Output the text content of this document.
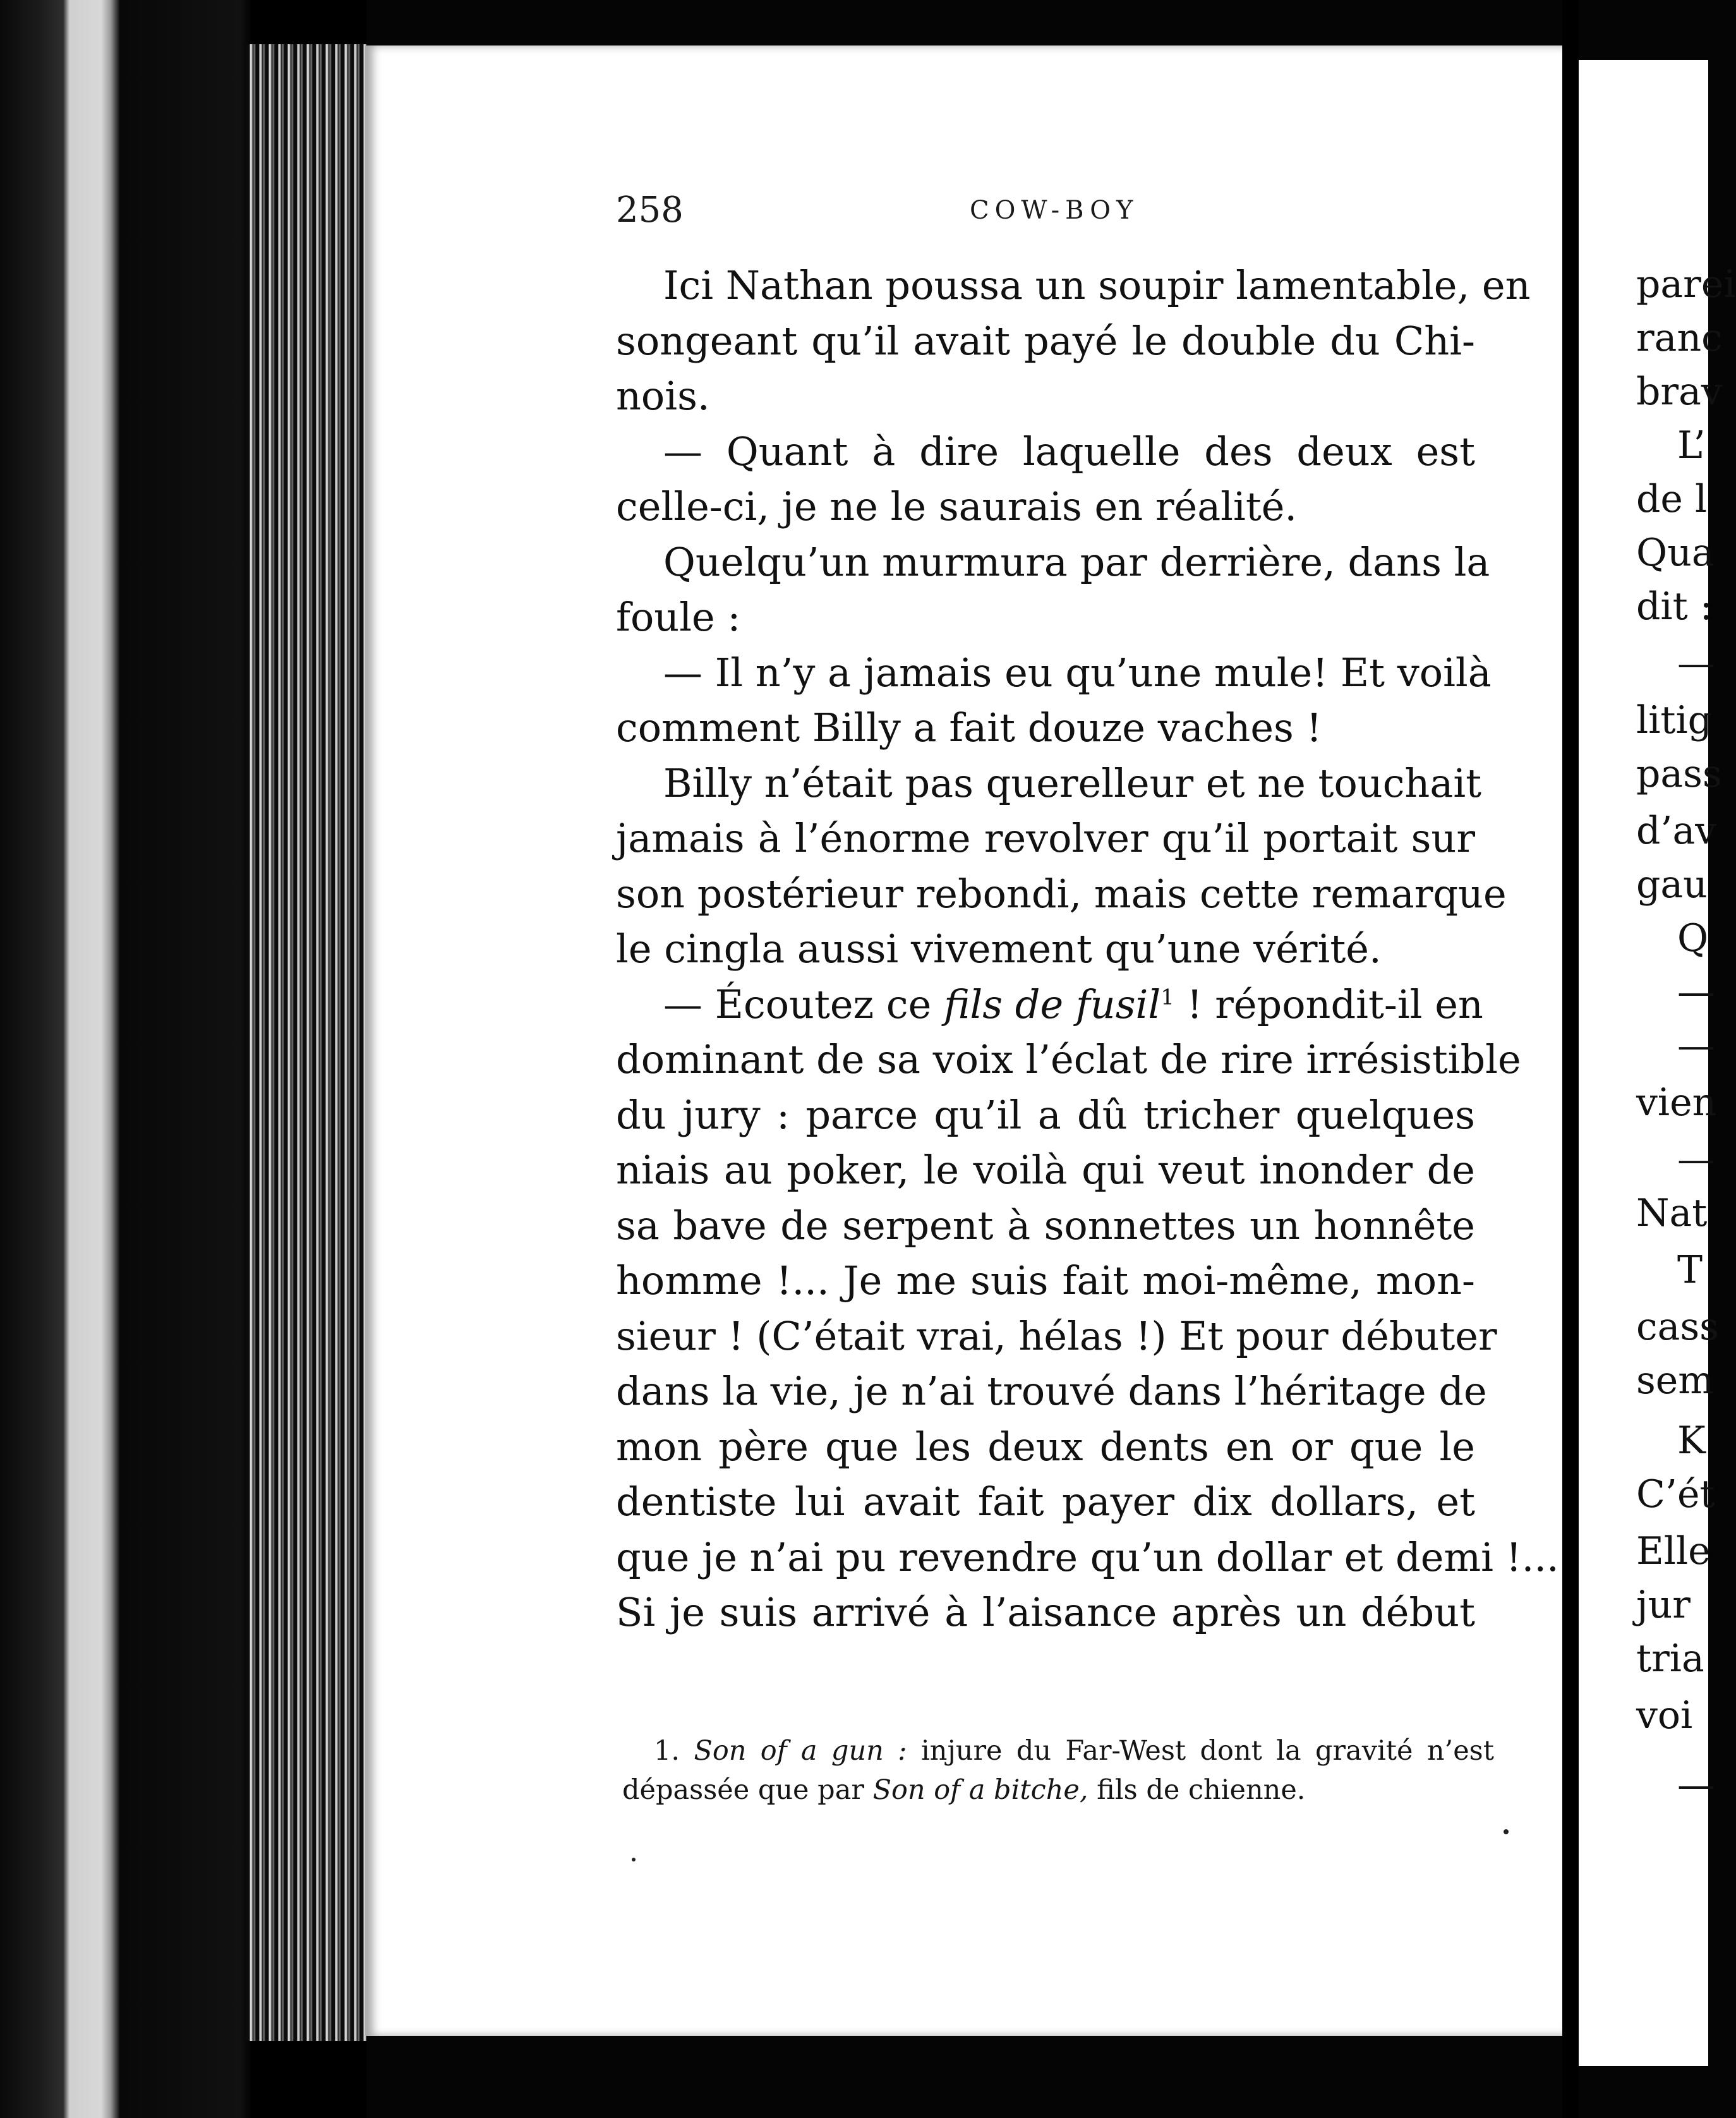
258	COW-BOY
Ici Nathan poussa un soupir lamentable, en
songeant qu’il avait payé le double du Chi-
nois.
— Quant à dire laquelle des deux est
celle-ci, je ne le saurais en réalité.
Quelqu’un murmura par derrière, dans la
foule :
— Il n’y a jamais eu qu’une mule! Et voilà
comment Billy a fait douze vaches !
Billy n’était pas querelleur et ne touchait
jamais à l’énorme revolver qu’il portait sur
son postérieur rebondi, mais cette remarque
le cingla aussi vivement qu’une vérité.
— Écoutez ce fils de fusil$^1$ ! répondit-il en
dominant de sa voix l’éclat de rire irrésistible
du jury : parce qu’il a dû tricher quelques
niais au poker, le voilà qui veut inonder de
sa bave de serpent à sonnettes un honnête
homme !... Je me suis fait moi-même, mon-
sieur ! (C’était vrai, hélas !) Et pour débuter
dans la vie, je n’ai trouvé dans l’héritage de
mon père que les deux dents en or que le
dentiste lui avait fait payer dix dollars, et
que je n’ai pu revendre qu’un dollar et demi !...
Si je suis arrivé à l’aisance après un début
1. Son of a gun : injure du Far-West dont la gravité n’est
dépassée que par Son of a bitche, fils de chienne.
parei
ranc
brav
L’
de l
Qua
dit :
—
litig
pass
d’av
gau
Q
—
—
vien
—
Nat
T
cass
sem
K
C’ét
Elle
jur
tria
voi
—
